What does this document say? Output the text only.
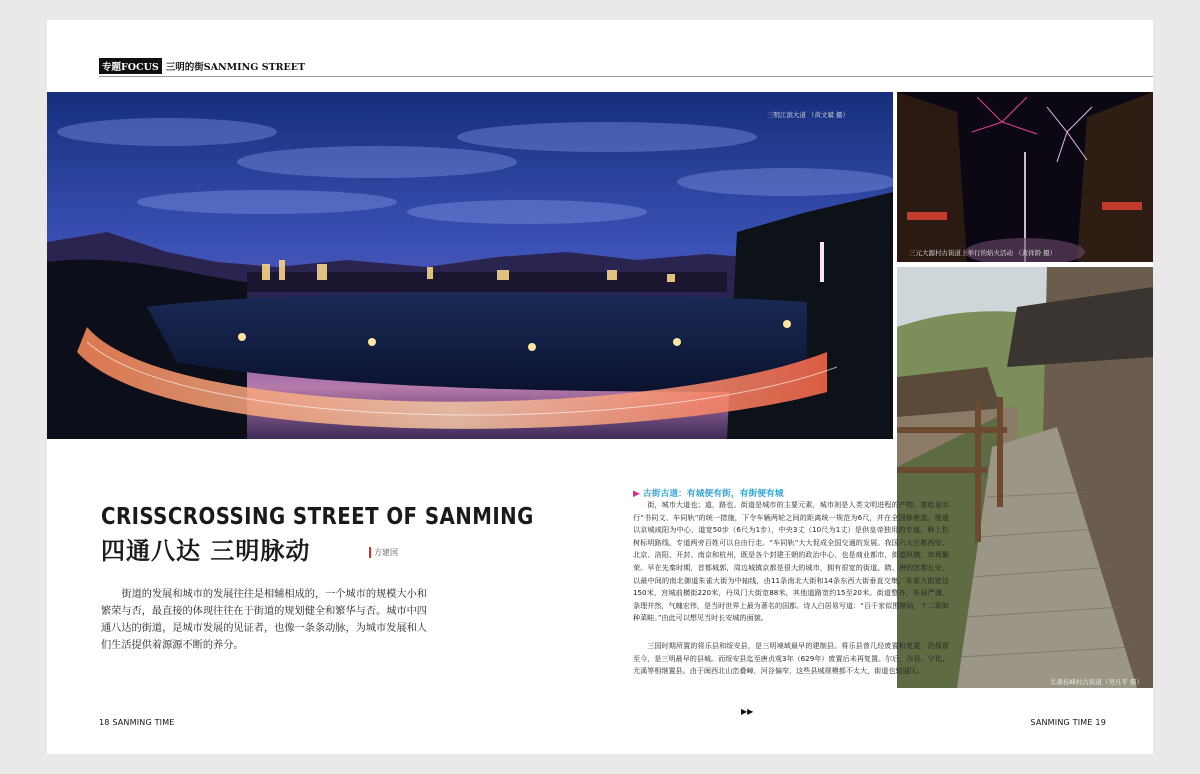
专题FOCUS 三明的街SANMING STREET
三明江滨大道 （黄文斌 摄）
三元大源村古街道上举行的焰火活动 （黄祥龄 摄）
尤溪桂峰村古街道（吴凡平 摄）
CRISSCROSSING STREET OF SANMING
四通八达 三明脉动	方建国
街道的发展和城市的发展往往是相辅相成的，一个城市的规模大小和繁荣与否，最直接的体现往往在于街道的规划健全和繁华与否。城市中四通八达的街道，是城市发展的见证者，也像一条条动脉，为城市发展和人们生活提供着源源不断的养分。
▶ 古街古道：有城便有街，有街便有城
街，城市大道也；道，路也。街道是城市的主要元素，城市则是人类文明进程的产物。秦始皇实行“书同文、车同轨”的统一措施，下令车辆两轮之间的距离统一规范为6尺，并在全国修驰道。驰道以京城咸阳为中心，道宽50步（6尺为1步），中央3丈（10尺为1丈）是供皇帝独用的专道，种上松树标明路线。专道两旁百姓可以自由行走。“车同轨”大大促成全国交通的发展。我国六大古都西安、北京、洛阳、开封、南京和杭州，既是各个封建王朝的政治中心，也是商业都市，街道纵横，市场繁荣。早在先秦时期，首都城郭，周边城镇京都是很大的城市，拥有很宽的街道。隋、唐的首都长安，以最中间的南北御道朱雀大街为中轴线，由11条南北大街和14条东西大街垂直交集，朱雀大街宽达150米，宫城前横街220米，丹凤门大街宽88米，其他道路宽约15至20米。街道整齐，布局严谨，条理井然，气魄宏伟，是当时世界上最为著名的国都。诗人白居易写道：“百千家似围棋局，十二街如种菜畦。”由此可以想见当时长安城的面貌。
三国时期所置的将乐县和绥安县，是三明境域最早的建制县。将乐县曾几经废置和复置，仍保留至今，是三明最早的县城。而绥安县迄至唐贞观3年（629年）废置后未再复置。尔后，沙县、宁化、尤溪等相继置县。由于闽西北山峦叠嶂，河谷偏窄，这些县城规模都不太大，街道也较逼仄。
▶▶
18 SANMING TIME	SANMING TIME 19
